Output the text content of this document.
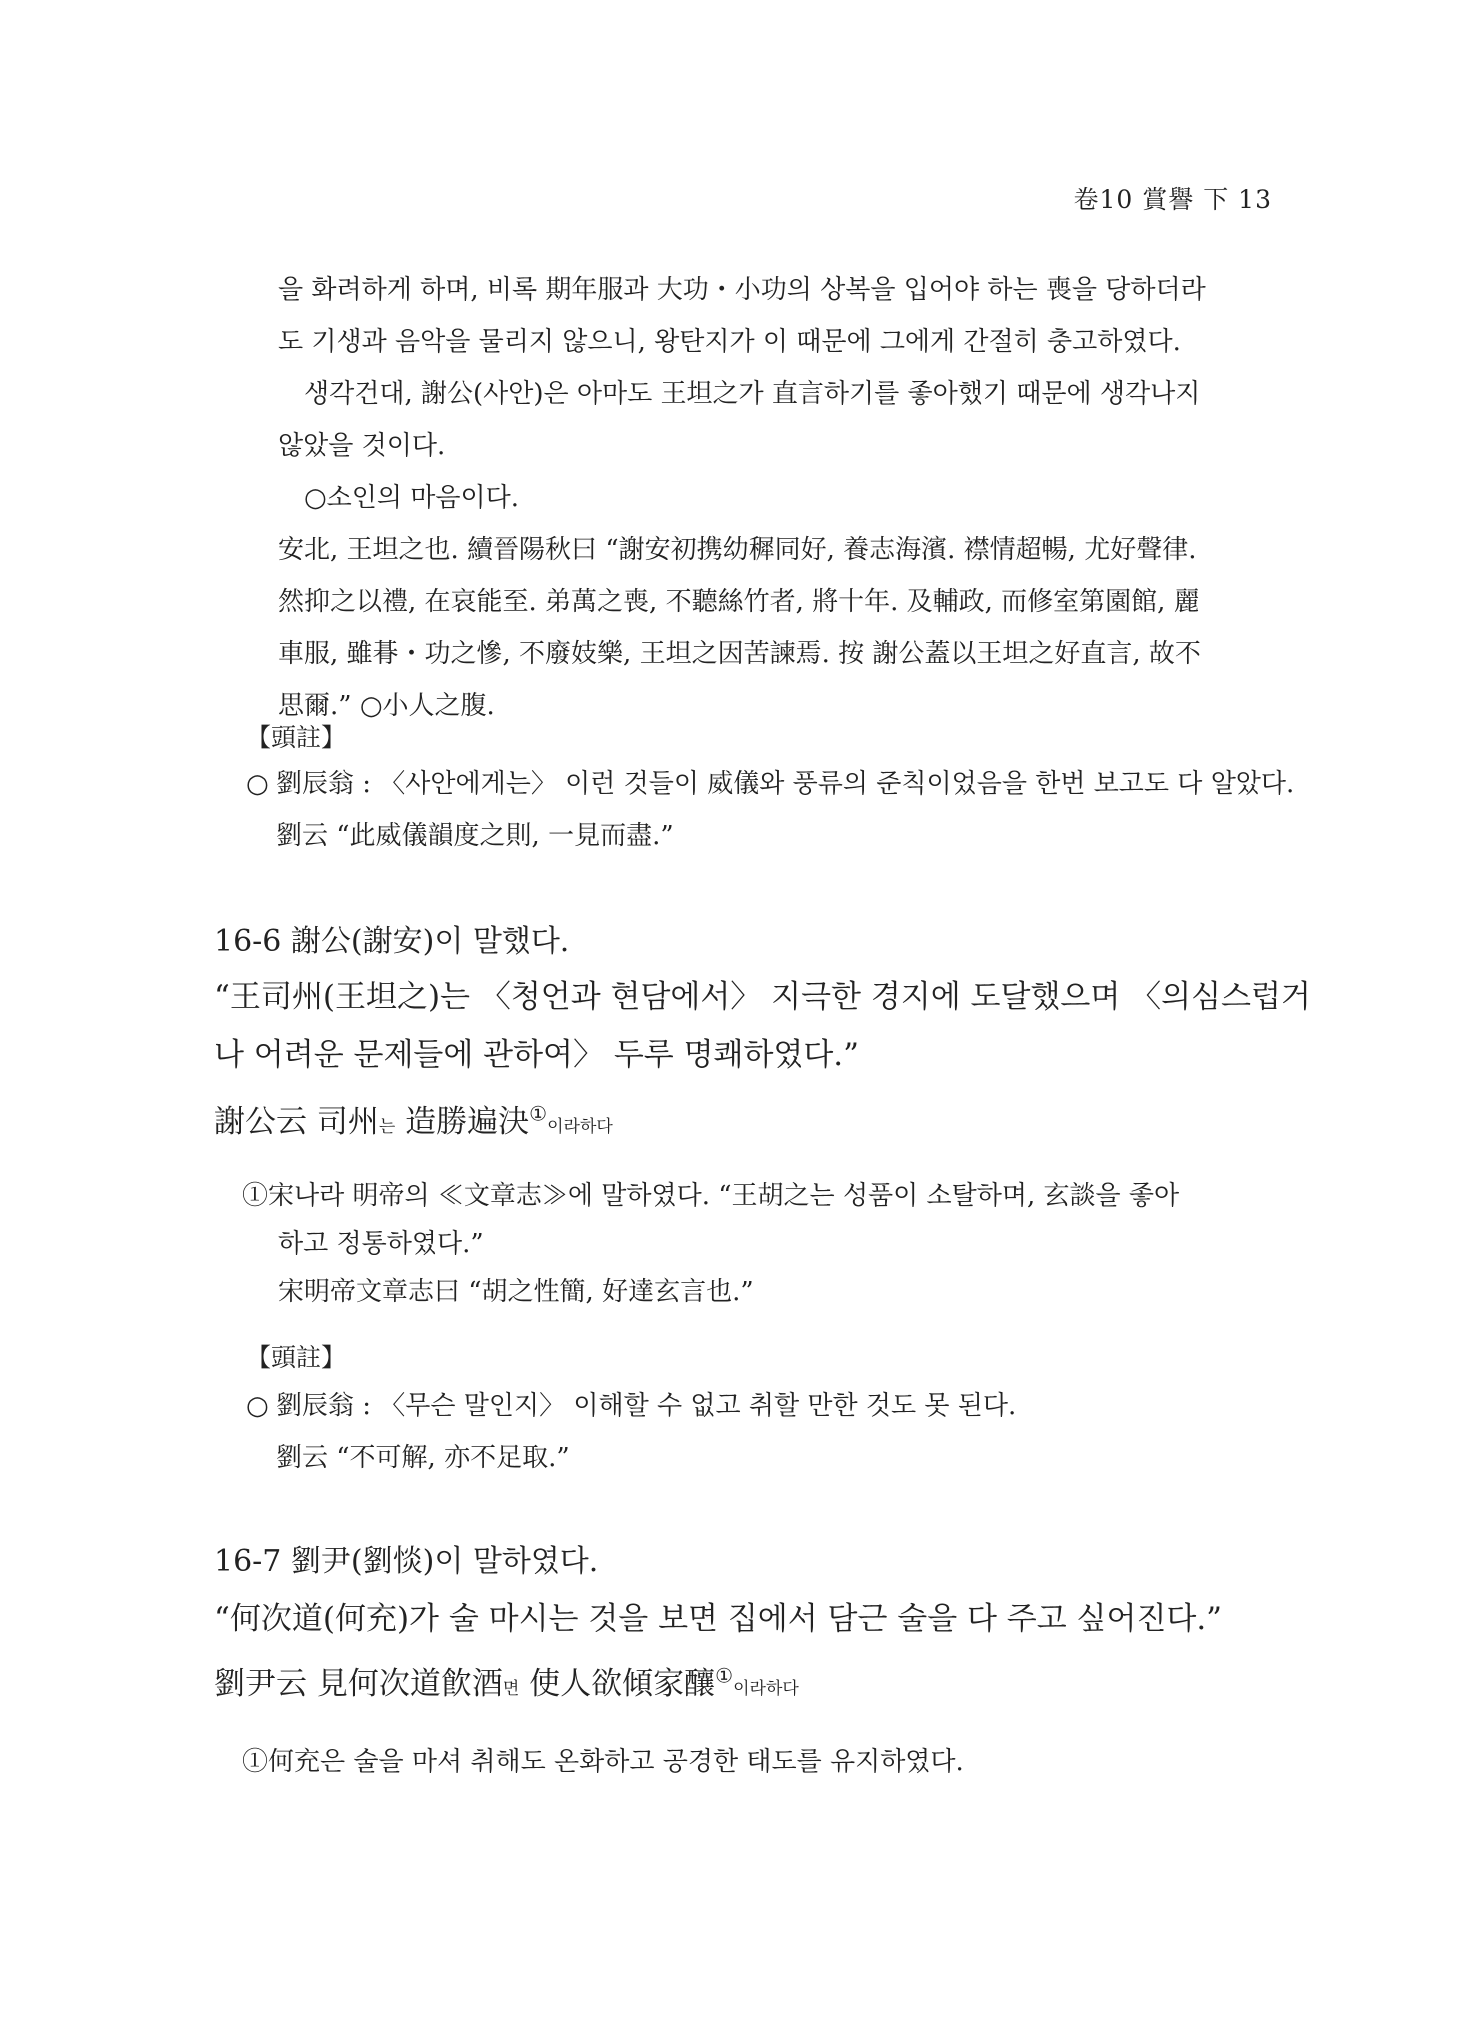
卷10 賞譽 下 13

을 화려하게 하며, 비록 期年服과 大功・小功의 상복을 입어야 하는 喪을 당하더라

도 기생과 음악을 물리지 않으니, 왕탄지가 이 때문에 그에게 간절히 충고하였다.

생각건대, 謝公(사안)은 아마도 王坦之가 直言하기를 좋아했기 때문에 생각나지

않았을 것이다.

○소인의 마음이다.

安北, 王坦之也. 續晉陽秋曰 “謝安初携幼穉同好, 養志海濱. 襟情超暢, 尤好聲律.

然抑之以禮, 在哀能至. 弟萬之喪, 不聽絲竹者, 將十年. 及輔政, 而修室第園館, 麗

車服, 雖朞・功之慘, 不廢妓樂, 王坦之因苦諫焉. 按 謝公蓋以王坦之好直言, 故不

思爾.” ○小人之腹.

【頭註】

○ 劉辰翁 : 〈사안에게는〉 이런 것들이 威儀와 풍류의 준칙이었음을 한번 보고도 다 알았다.

劉云 “此威儀韻度之則, 一見而盡.”

16-6 謝公(謝安)이 말했다.
“王司州(王坦之)는 〈청언과 현담에서〉 지극한 경지에 도달했으며 〈의심스럽거
나 어려운 문제들에 관하여〉 두루 명쾌하였다.”
謝公云 司州는 造勝遍決①이라하다
①宋나라 明帝의 ≪文章志≫에 말하였다. “王胡之는 성품이 소탈하며, 玄談을 좋아
하고 정통하였다.”
宋明帝文章志曰 “胡之性簡, 好達玄言也.”
【頭註】

○ 劉辰翁 : 〈무슨 말인지〉 이해할 수 없고 취할 만한 것도 못 된다.

劉云 “不可解, 亦不足取.”

16-7 劉尹(劉惔)이 말하였다.
“何次道(何充)가 술 마시는 것을 보면 집에서 담근 술을 다 주고 싶어진다.”
劉尹云 見何次道飮酒면 使人欲傾家釀①이라하다
①何充은 술을 마셔 취해도 온화하고 공경한 태도를 유지하였다.
